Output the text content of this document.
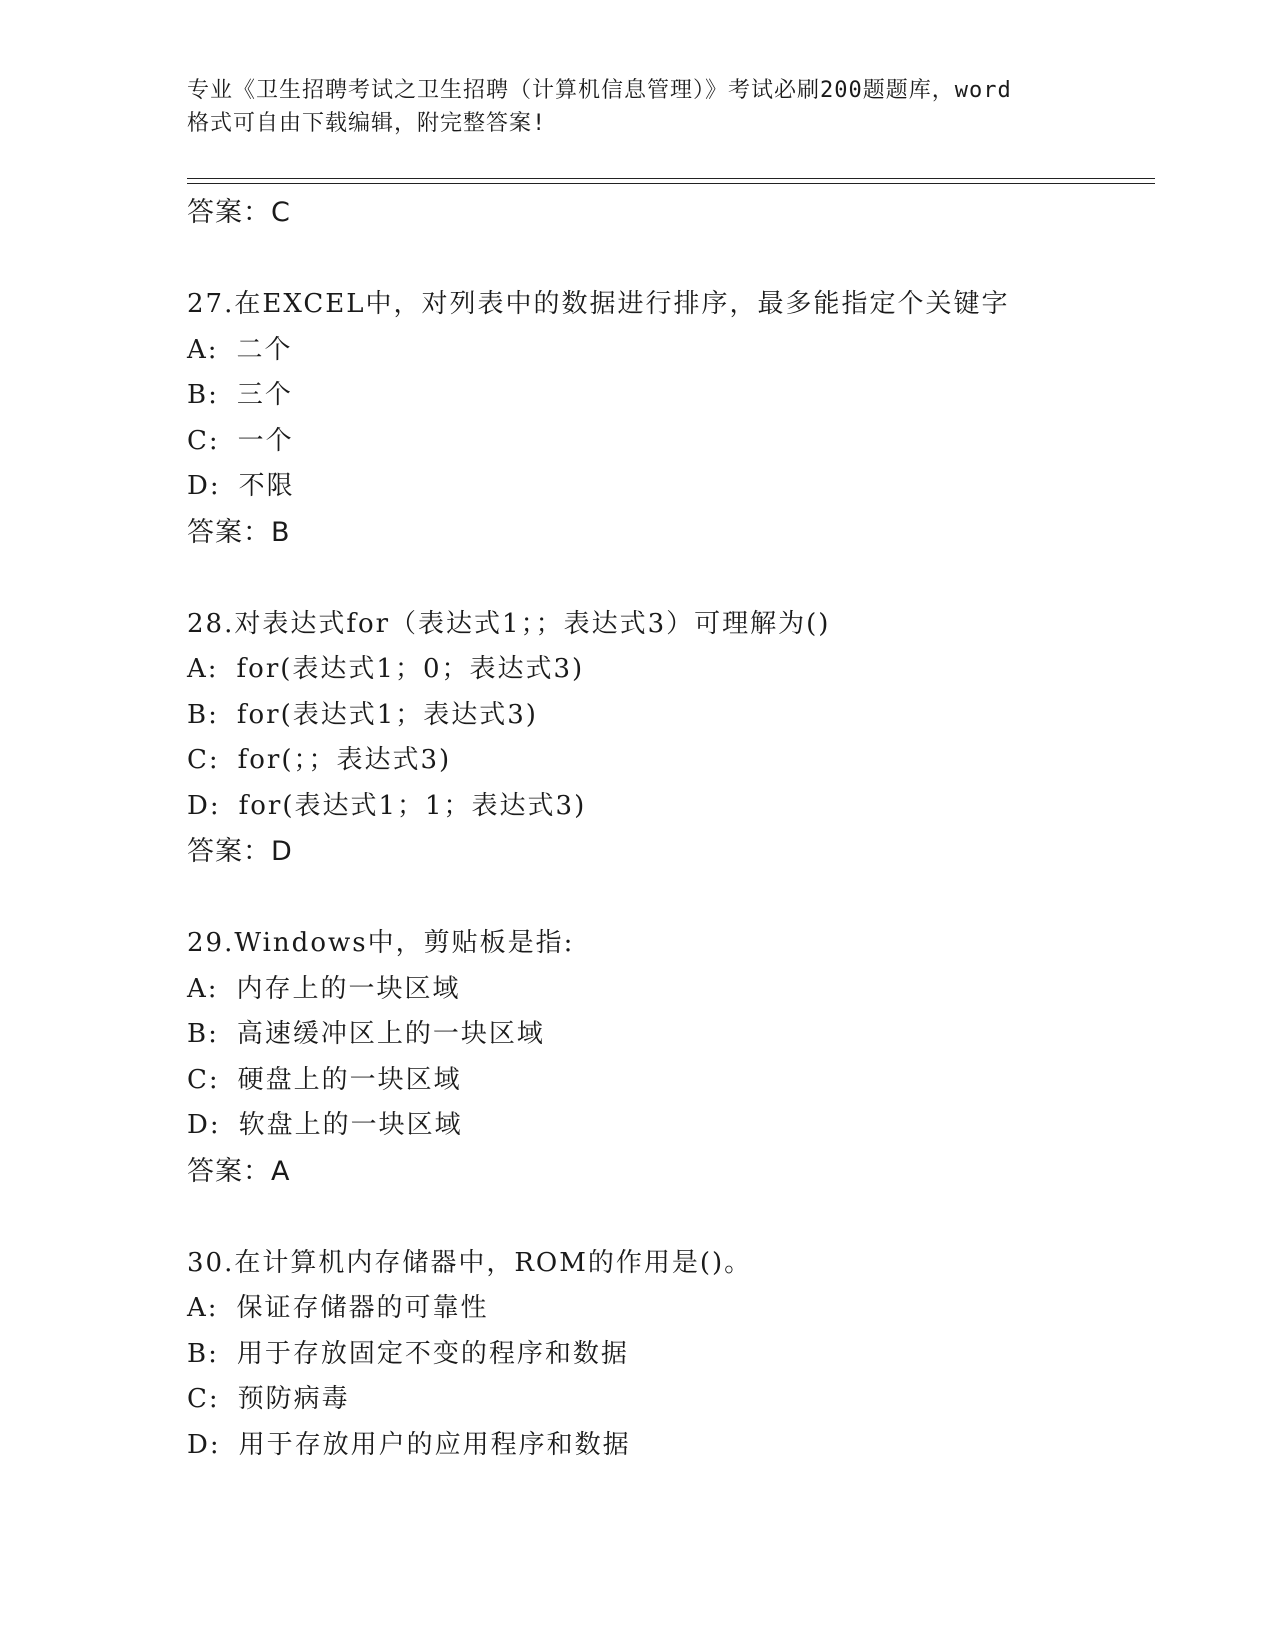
专业《卫生招聘考试之卫生招聘（计算机信息管理）》考试必刷200题题库，word
格式可自由下载编辑，附完整答案!
答案：C
27.在EXCEL中，对列表中的数据进行排序，最多能指定个关键字
A: 二个
B: 三个
C: 一个
D: 不限
答案：B
28.对表达式for（表达式1；；表达式3）可理解为()
A: for(表达式1；0；表达式3)
B: for(表达式1；表达式3)
C: for(；；表达式3)
D: for(表达式1；1；表达式3)
答案：D
29.Windows中，剪贴板是指:
A: 内存上的一块区域
B: 高速缓冲区上的一块区域
C: 硬盘上的一块区域
D: 软盘上的一块区域
答案：A
30.在计算机内存储器中，ROM的作用是()。
A: 保证存储器的可靠性
B: 用于存放固定不变的程序和数据
C: 预防病毒
D: 用于存放用户的应用程序和数据
